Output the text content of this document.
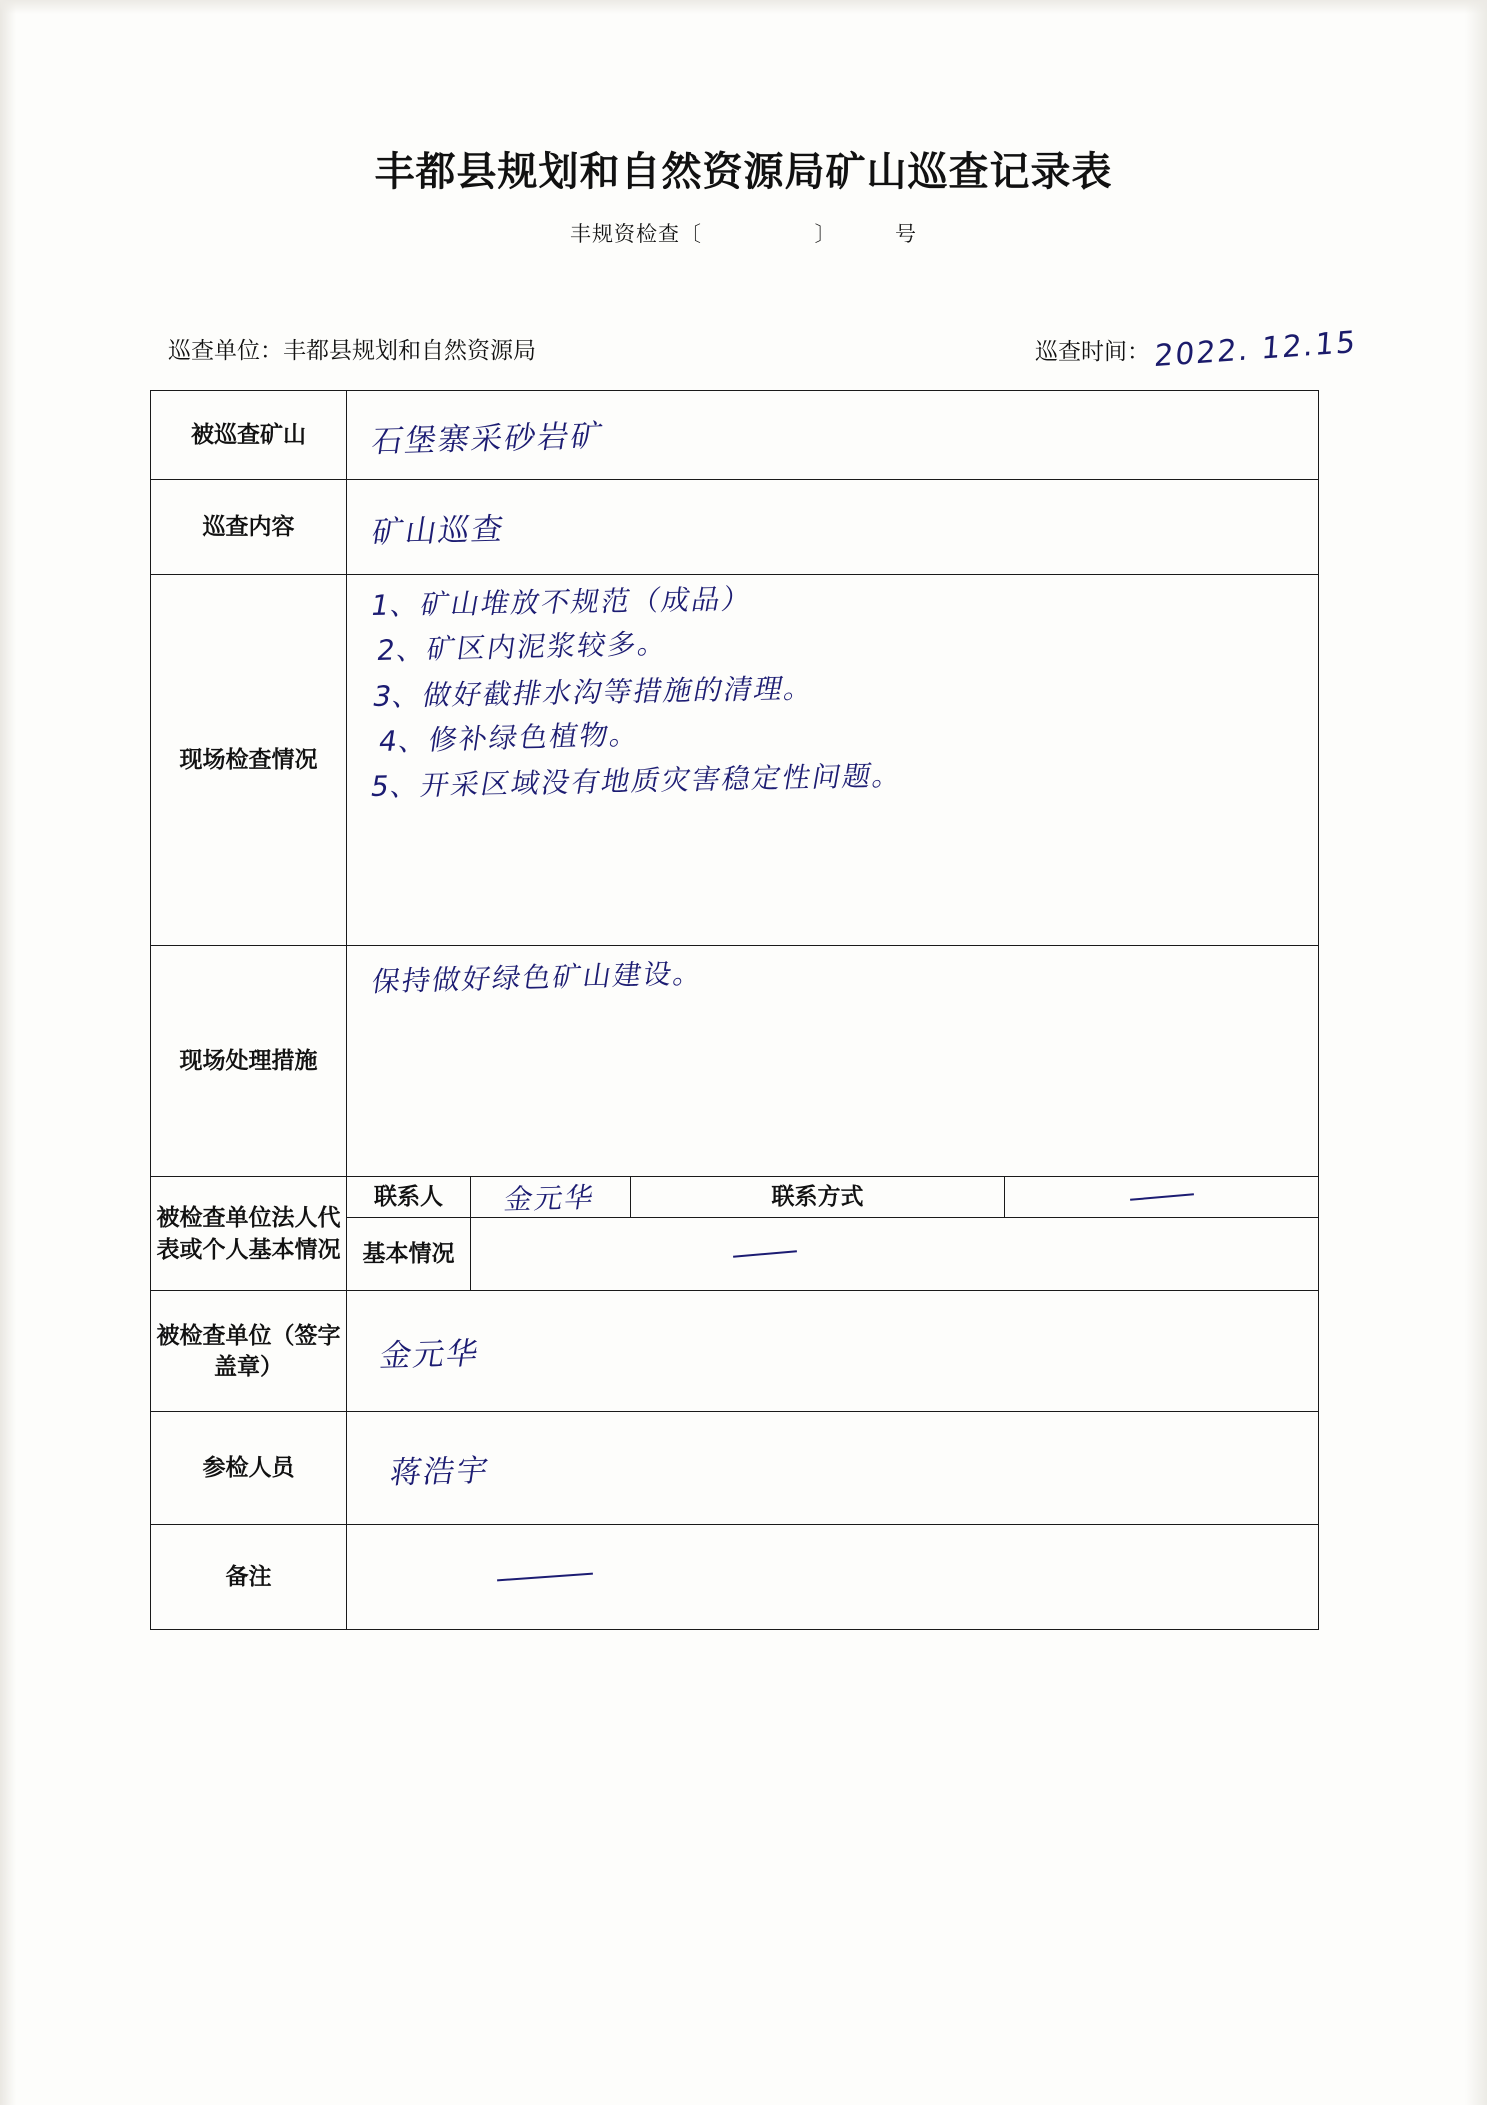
丰都县规划和自然资源局矿山巡查记录表
丰规资检查〔	〕	号
巡查单位：丰都县规划和自然资源局	巡查时间： 2022. 12.15
被巡查矿山	石堡寨采砂岩矿			
巡查内容	矿山巡查			
现场检查情况	1、矿山堆放不规范（成品）
2、矿区内泥浆较多。
3、做好截排水沟等措施的清理。
4、修补绿色植物。
5、开采区域没有地质灾害稳定性问题。			

现场处理措施	保持做好绿色矿山建设。			
被检查单位法人代表或个人基本情况	联系人	金元华	联系方式	
	基本情况			
被检查单位（签字盖章）	金元华			
参检人员	蒋浩宇			
备注				
